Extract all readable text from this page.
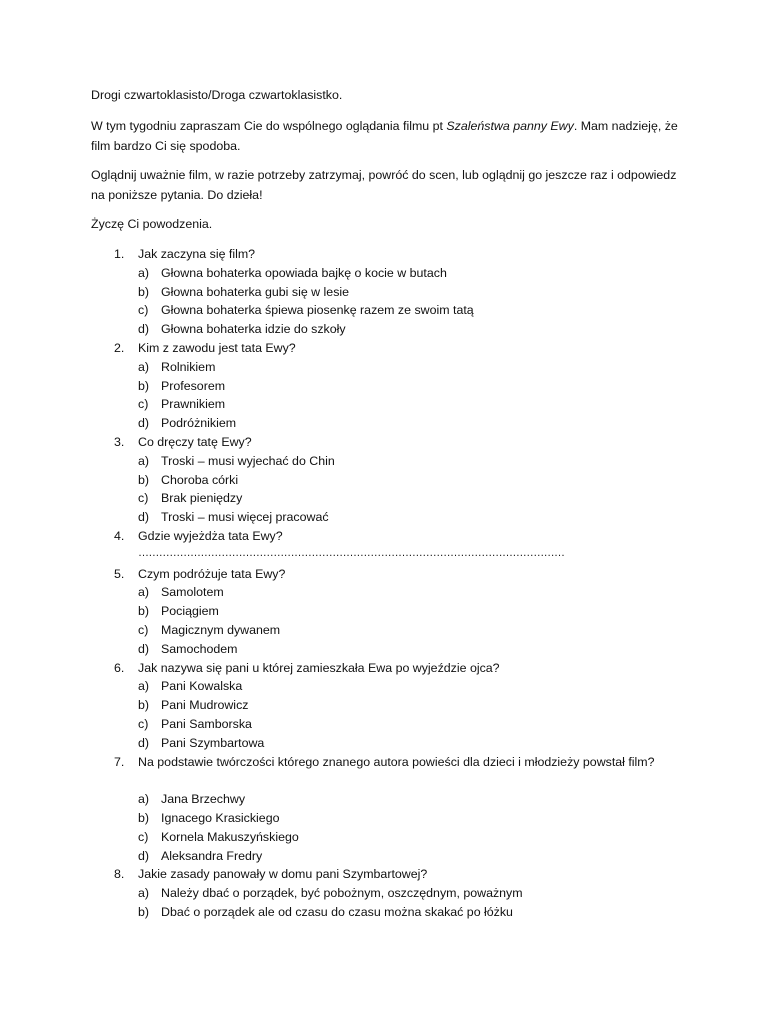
Drogi czwartoklasisto/Droga czwartoklasistko.
W tym tygodniu zapraszam Cie do wspólnego oglądania filmu pt Szaleństwa panny Ewy. Mam nadzieję, że film bardzo Ci się spodoba.
Oglądnij uważnie film, w razie potrzeby zatrzymaj, powróć do scen, lub oglądnij go jeszcze raz i odpowiedz na poniższe pytania. Do dzieła!
Życzę Ci powodzenia.
1.	Jak zaczyna się film?
a) Głowna bohaterka opowiada bajkę o kocie w butach
b) Głowna bohaterka gubi się w lesie
c) Głowna bohaterka śpiewa piosenkę razem ze swoim tatą
d) Głowna bohaterka idzie do szkoły
2.	Kim z zawodu jest tata Ewy?
a) Rolnikiem
b) Profesorem
c) Prawnikiem
d) Podróżnikiem
3.	Co dręczy tatę Ewy?
a) Troski – musi wyjechać do Chin
b) Choroba córki
c) Brak pieniędzy
d) Troski – musi więcej pracować
4.	Gdzie wyjeżdża tata Ewy?
……………………………………………………………………………………………………………
5.	Czym podróżuje tata Ewy?
a) Samolotem
b) Pociągiem
c) Magicznym dywanem
d) Samochodem
6.	Jak nazywa się pani u której zamieszkała Ewa po wyjeździe ojca?
a) Pani Kowalska
b) Pani Mudrowicz
c) Pani Samborska
d) Pani Szymbartowa
7.	Na podstawie twórczości którego znanego autora powieści dla dzieci i młodzieży powstał film?
a) Jana Brzechwy
b) Ignacego Krasickiego
c) Kornela Makuszyńskiego
d) Aleksandra Fredry
8.	Jakie zasady panowały w domu pani Szymbartowej?
a) Należy dbać o porządek, być pobożnym, oszczędnym, poważnym
b) Dbać o porządek ale od czasu do czasu można skakać po łóżku
